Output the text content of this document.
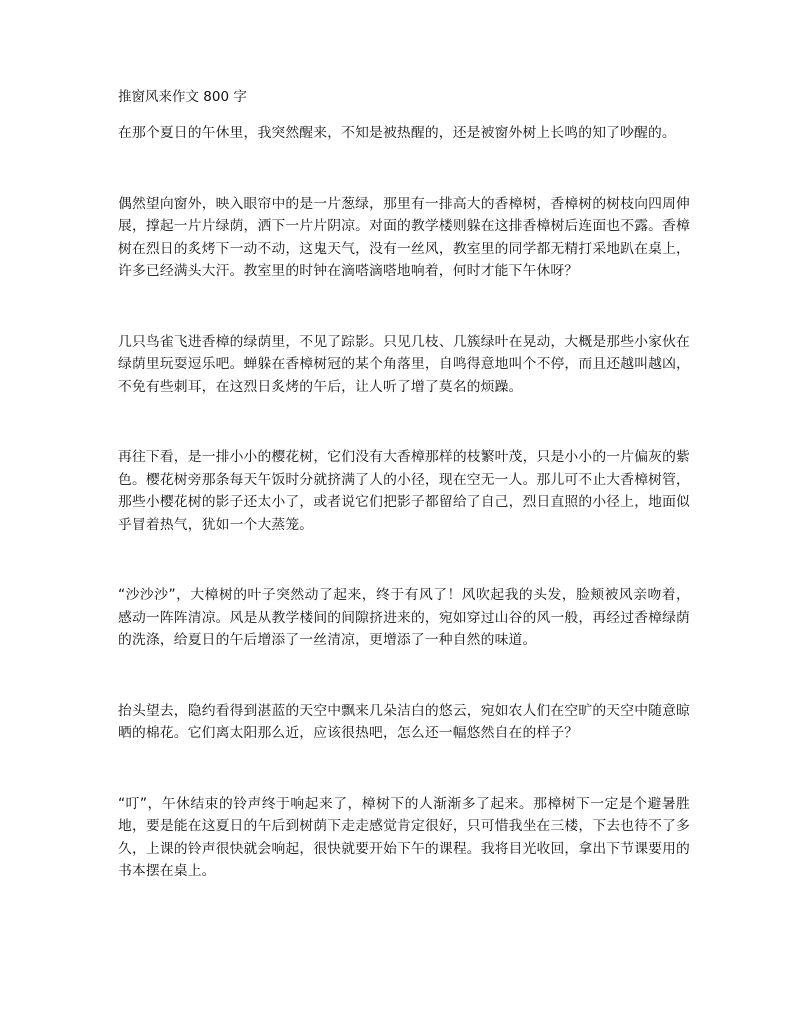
推窗风来作文 800 字

在那个夏日的午休里，我突然醒来，不知是被热醒的，还是被窗外树上长鸣的知了吵醒的。

偶然望向窗外，映入眼帘中的是一片葱绿，那里有一排高大的香樟树，香樟树的树枝向四周伸展，撑起一片片绿荫，洒下一片片阴凉。对面的教学楼则躲在这排香樟树后连面也不露。香樟树在烈日的炙烤下一动不动，这鬼天气，没有一丝风，教室里的同学都无精打采地趴在桌上，许多已经满头大汗。教室里的时钟在滴嗒滴嗒地响着，何时才能下午休呀？

几只鸟雀飞进香樟的绿荫里，不见了踪影。只见几枝、几簇绿叶在晃动，大概是那些小家伙在绿荫里玩耍逗乐吧。蝉躲在香樟树冠的某个角落里，自鸣得意地叫个不停，而且还越叫越凶，不免有些刺耳，在这烈日炙烤的午后，让人听了增了莫名的烦躁。

再往下看，是一排小小的樱花树，它们没有大香樟那样的枝繁叶茂，只是小小的一片偏灰的紫色。樱花树旁那条每天午饭时分就挤满了人的小径，现在空无一人。那儿可不止大香樟树管，那些小樱花树的影子还太小了，或者说它们把影子都留给了自己，烈日直照的小径上，地面似乎冒着热气，犹如一个大蒸笼。

“沙沙沙”，大樟树的叶子突然动了起来，终于有风了！风吹起我的头发，脸颊被风亲吻着，感动一阵阵清凉。风是从教学楼间的间隙挤进来的，宛如穿过山谷的风一般，再经过香樟绿荫的洗涤，给夏日的午后增添了一丝清凉，更增添了一种自然的味道。

抬头望去，隐约看得到湛蓝的天空中飘来几朵洁白的悠云，宛如农人们在空旷的天空中随意晾晒的棉花。它们离太阳那么近，应该很热吧，怎么还一幅悠然自在的样子？

“叮”，午休结束的铃声终于响起来了，樟树下的人渐渐多了起来。那樟树下一定是个避暑胜地，要是能在这夏日的午后到树荫下走走感觉肯定很好，只可惜我坐在三楼，下去也待不了多久，上课的铃声很快就会响起，很快就要开始下午的课程。我将目光收回，拿出下节课要用的书本摆在桌上。
